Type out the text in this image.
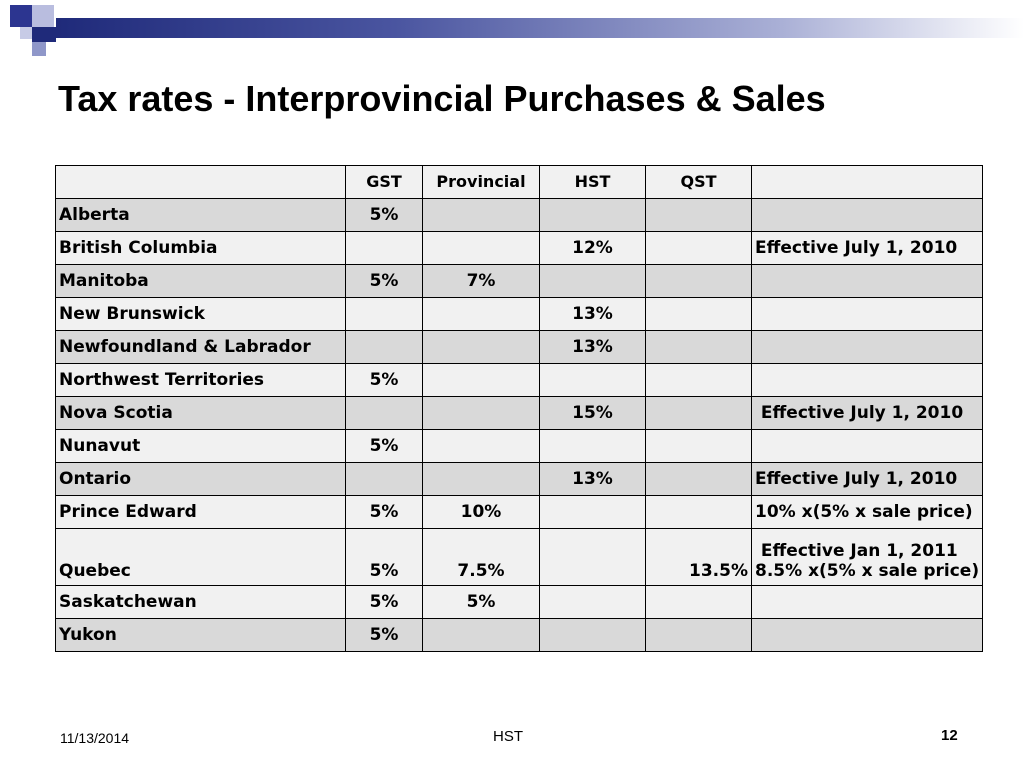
Tax rates - Interprovincial Purchases & Sales
	GST	Provincial	HST	QST	
Alberta	5%				
British Columbia			12%		Effective July 1, 2010
Manitoba	5%	7%			
New Brunswick			13%		
Newfoundland & Labrador			13%		
Northwest Territories	5%				
Nova Scotia			15%		Effective July 1, 2010
Nunavut	5%				
Ontario			13%		Effective July 1, 2010
Prince Edward	5%	10%			10% x(5% x sale price)
Quebec	5%	7.5%		13.5%	Effective Jan 1, 2011
8.5% x(5% x sale price)

Saskatchewan	5%	5%			
Yukon	5%				
11/13/2014	HST	12
